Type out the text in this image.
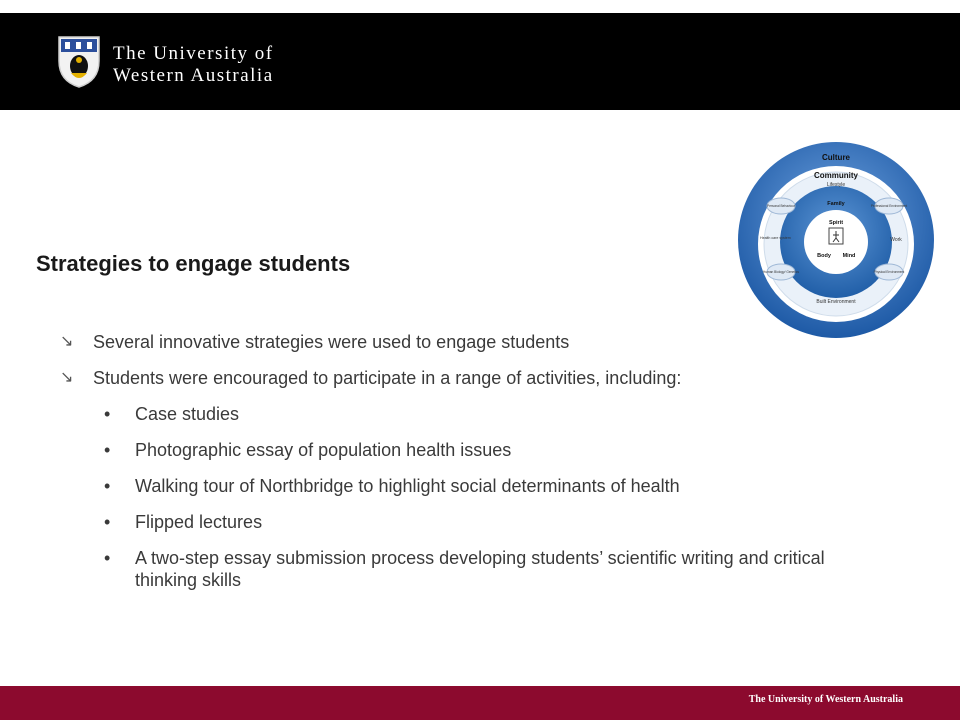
The University of
Western Australia
Culture
Community
Lifestyle
Family
Spirit
Body Mind
Personal Behaviour	Professional Environment
Health care system	Work
Human Biology/ Genetics	Physical Environment
Built Environment
Strategies to engage students
↘ Several innovative strategies were used to engage students
↘ Students were encouraged to participate in a range of activities, including:
• Case studies
• Photographic essay of population health issues
• Walking tour of Northbridge to highlight social determinants of health
• Flipped lectures
• A two-step essay submission process developing students’ scientific writing and critical thinking skills
The University of Western Australia
